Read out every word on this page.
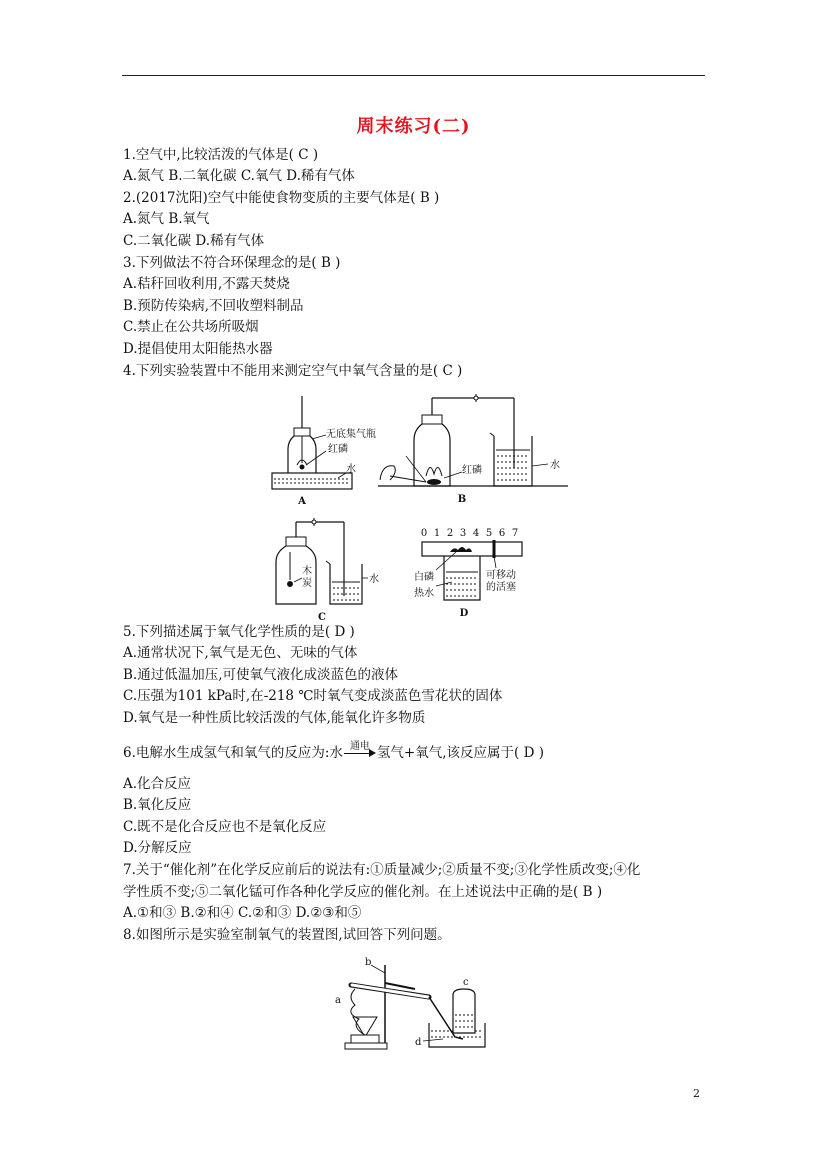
周末练习(二)
1.空气中,比较活泼的气体是( C )
A.氮气 B.二氧化碳 C.氧气 D.稀有气体
2.(2017沈阳)空气中能使食物变质的主要气体是( B )
A.氮气 B.氧气
C.二氧化碳 D.稀有气体
3.下列做法不符合环保理念的是( B )
A.秸秆回收利用,不露天焚烧
B.预防传染病,不回收塑料制品
C.禁止在公共场所吸烟
D.提倡使用太阳能热水器
4.下列实验装置中不能用来测定空气中氧气含量的是( C )
无底集气瓶
红磷
水
A
红磷	水
B
木
炭	水
C
0 1 2 3 4 5 6 7
白磷
热水
可移动
的活塞
D
5.下列描述属于氧气化学性质的是( D )
A.通常状况下,氧气是无色、无味的气体
B.通过低温加压,可使氧气液化成淡蓝色的液体
C.压强为101 kPa时,在-218 ℃时氧气变成淡蓝色雪花状的固体
D.氧气是一种性质比较活泼的气体,能氧化许多物质
6.电解水生成氢气和氧气的反应为:水 通电 氢气+氧气,该反应属于( D )
A.化合反应
B.氧化反应
C.既不是化合反应也不是氧化反应
D.分解反应
7.关于“催化剂”在化学反应前后的说法有:①质量减少;②质量不变;③化学性质改变;④化
学性质不变;⑤二氧化锰可作各种化学反应的催化剂。在上述说法中正确的是( B )
A.①和③ B.②和④ C.②和③ D.②③和⑤
8.如图所示是实验室制氧气的装置图,试回答下列问题。
a
b
c
d
2
